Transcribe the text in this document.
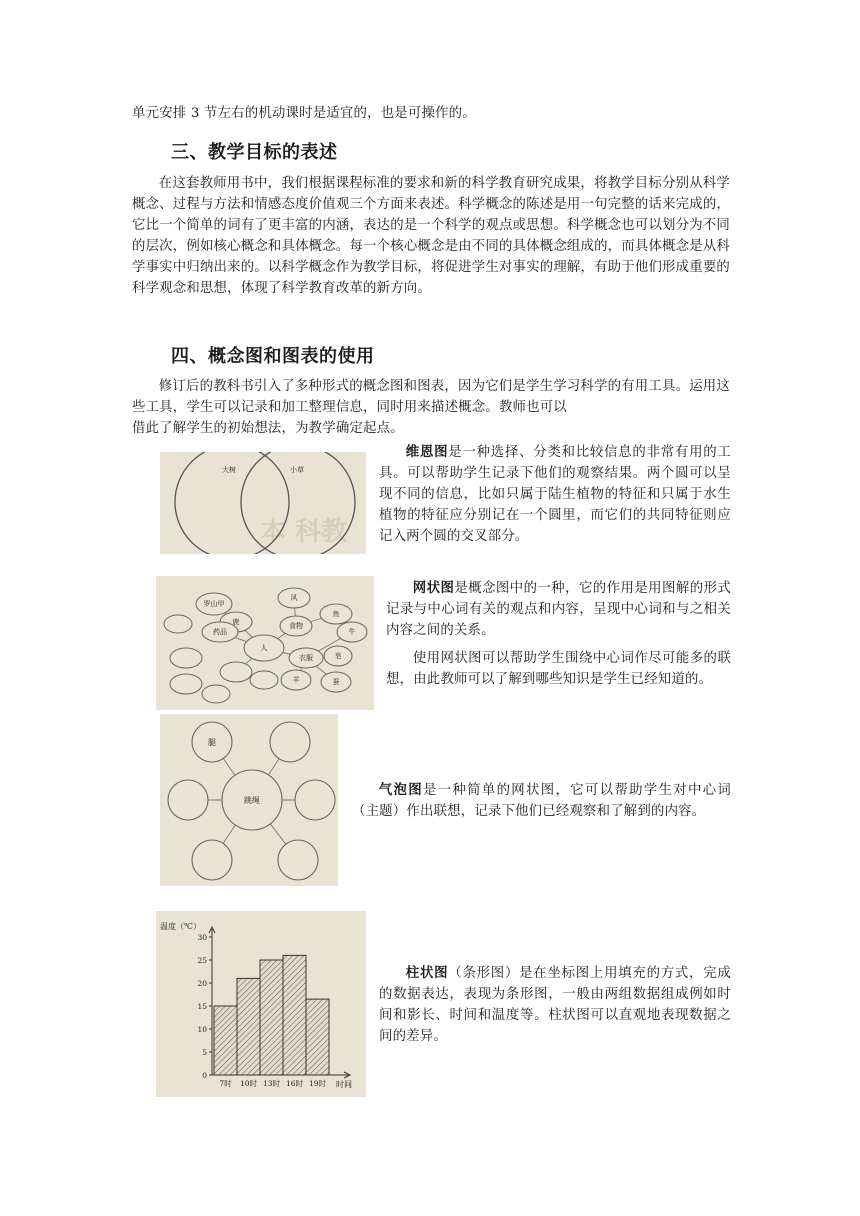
单元安排 3 节左右的机动课时是适宜的，也是可操作的。
三、教学目标的表述
在这套教师用书中，我们根据课程标准的要求和新的科学教育研究成果，将教学目标分别从科学概念、过程与方法和情感态度价值观三个方面来表述。科学概念的陈述是用一句完整的话来完成的，它比一个简单的词有了更丰富的内涵，表达的是一个科学的观点或思想。科学概念也可以划分为不同的层次，例如核心概念和具体概念。每一个核心概念是由不同的具体概念组成的，而具体概念是从科学事实中归纳出来的。以科学概念作为教学目标，将促进学生对事实的理解，有助于他们形成重要的科学观念和思想，体现了科学教育改革的新方向。
四、概念图和图表的使用
修订后的教科书引入了多种形式的概念图和图表，因为它们是学生学习科学的有用工具。运用这些工具，学生可以记录和加工整理信息，同时用来描述概念。教师也可以
借此了解学生的初始想法，为教学确定起点。
本 科教
大树	小草
维恩图是一种选择、分类和比较信息的非常有用的工具。可以帮助学生记录下他们的观察结果。两个圆可以呈现不同的信息，比如只属于陆生植物的特征和只属于水生植物的特征应分别记在一个圆里，而它们的共同特征则应记入两个圆的交叉部分。
罗山甲
鹿
风
食物
鱼
药品	牛
人
衣服	皂
羊	蚕
网状图是概念图中的一种，它的作用是用图解的形式记录与中心词有关的观点和内容，呈现中心词和与之相关内容之间的关系。
使用网状图可以帮助学生围绕中心词作尽可能多的联想，由此教师可以了解到哪些知识是学生已经知道的。
腿
跳绳
气泡图是一种简单的网状图，它可以帮助学生对中心词（主题）作出联想，记录下他们已经观察和了解到的内容。
温度（℃）
时间
0
5
10
15
20
25
30
7时 10时 13时 16时 19时
柱状图（条形图）是在坐标图上用填充的方式，完成的数据表达，表现为条形图，一般由两组数据组成例如时间和影长、时间和温度等。柱状图可以直观地表现数据之间的差异。
